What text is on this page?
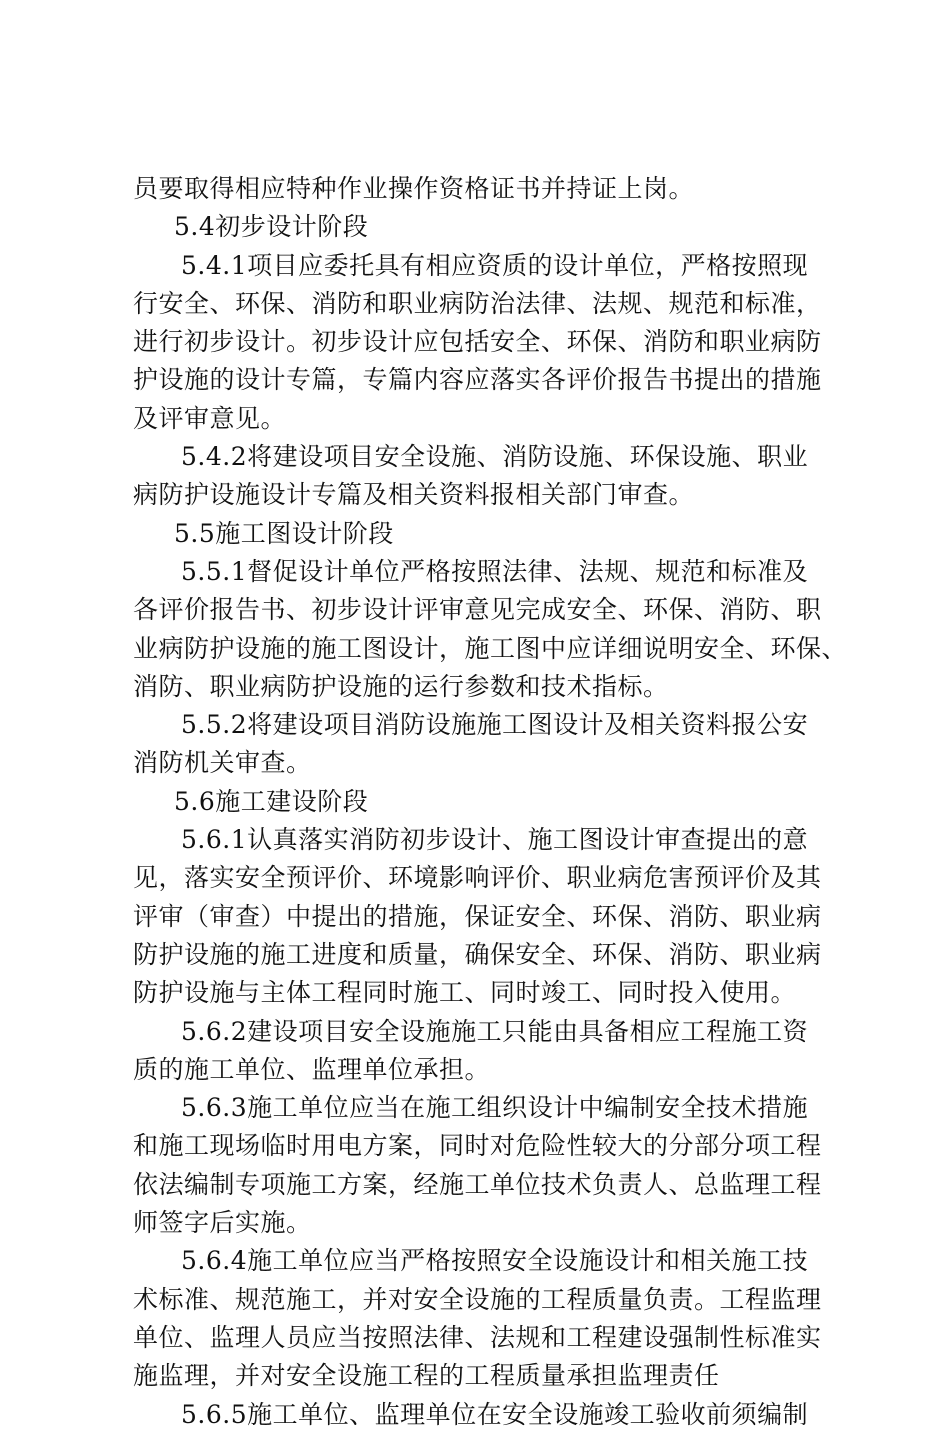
员要取得相应特种作业操作资格证书并持证上岗。
5.4初步设计阶段
5.4.1项目应委托具有相应资质的设计单位，严格按照现
行安全、环保、消防和职业病防治法律、法规、规范和标准，
进行初步设计。初步设计应包括安全、环保、消防和职业病防
护设施的设计专篇，专篇内容应落实各评价报告书提出的措施
及评审意见。
5.4.2将建设项目安全设施、消防设施、环保设施、职业
病防护设施设计专篇及相关资料报相关部门审查。
5.5施工图设计阶段
5.5.1督促设计单位严格按照法律、法规、规范和标准及
各评价报告书、初步设计评审意见完成安全、环保、消防、职
业病防护设施的施工图设计，施工图中应详细说明安全、环保、
消防、职业病防护设施的运行参数和技术指标。
5.5.2将建设项目消防设施施工图设计及相关资料报公安
消防机关审查。
5.6施工建设阶段
5.6.1认真落实消防初步设计、施工图设计审查提出的意
见，落实安全预评价、环境影响评价、职业病危害预评价及其
评审（审查）中提出的措施，保证安全、环保、消防、职业病
防护设施的施工进度和质量，确保安全、环保、消防、职业病
防护设施与主体工程同时施工、同时竣工、同时投入使用。
5.6.2建设项目安全设施施工只能由具备相应工程施工资
质的施工单位、监理单位承担。
5.6.3施工单位应当在施工组织设计中编制安全技术措施
和施工现场临时用电方案，同时对危险性较大的分部分项工程
依法编制专项施工方案，经施工单位技术负责人、总监理工程
师签字后实施。
5.6.4施工单位应当严格按照安全设施设计和相关施工技
术标准、规范施工，并对安全设施的工程质量负责。工程监理
单位、监理人员应当按照法律、法规和工程建设强制性标准实
施监理，并对安全设施工程的工程质量承担监理责任
5.6.5施工单位、监理单位在安全设施竣工验收前须编制
